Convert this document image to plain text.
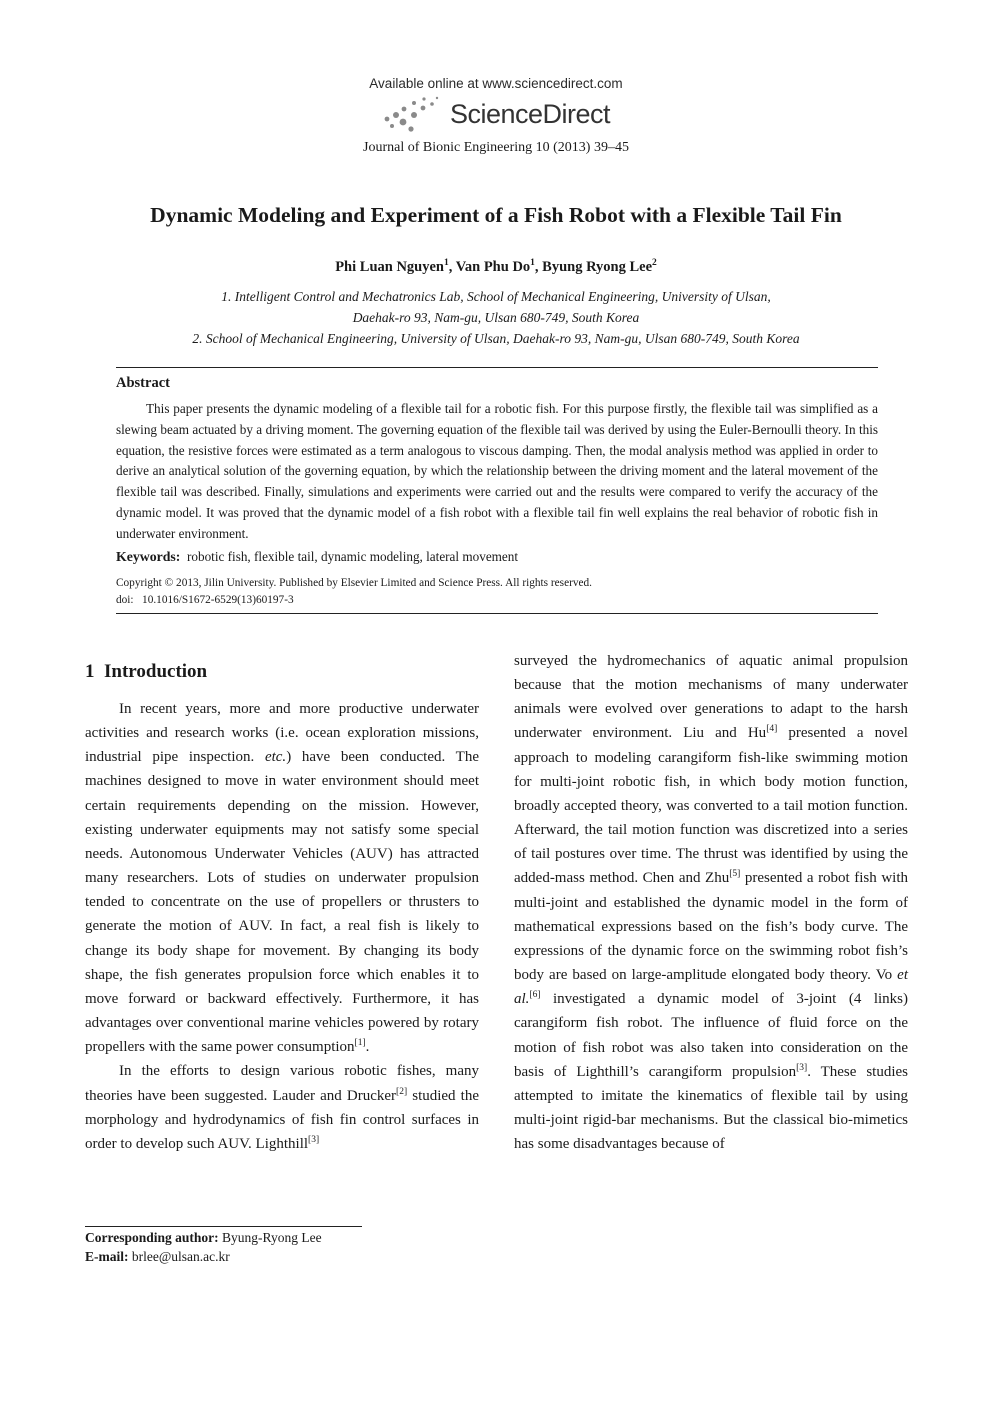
Available online at www.sciencedirect.com
ScienceDirect
Journal of Bionic Engineering 10 (2013) 39–45
Dynamic Modeling and Experiment of a Fish Robot with a Flexible Tail Fin
Phi Luan Nguyen$^1$, Van Phu Do$^1$, Byung Ryong Lee$^2$
1. Intelligent Control and Mechatronics Lab, School of Mechanical Engineering, University of Ulsan,
Daehak-ro 93, Nam-gu, Ulsan 680-749, South Korea
2. School of Mechanical Engineering, University of Ulsan, Daehak-ro 93, Nam-gu, Ulsan 680-749, South Korea
Abstract

This paper presents the dynamic modeling of a flexible tail for a robotic fish. For this purpose firstly, the flexible tail was simplified as a slewing beam actuated by a driving moment. The governing equation of the flexible tail was derived by using the Euler-Bernoulli theory. In this equation, the resistive forces were estimated as a term analogous to viscous damping. Then, the modal analysis method was applied in order to derive an analytical solution of the governing equation, by which the relationship between the driving moment and the lateral movement of the flexible tail was described. Finally, simulations and experiments were carried out and the results were compared to verify the accuracy of the dynamic model. It was proved that the dynamic model of a fish robot with a flexible tail fin well explains the real behavior of robotic fish in underwater environment.

Keywords: robotic fish, flexible tail, dynamic modeling, lateral movement
Copyright © 2013, Jilin University. Published by Elsevier Limited and Science Press. All rights reserved.
doi:   10.1016/S1672-6529(13)60197-3
1  Introduction

In recent years, more and more productive underwater activities and research works (i.e. ocean exploration missions, industrial pipe inspection. etc.) have been conducted. The machines designed to move in water environment should meet certain requirements depending on the mission. However, existing underwater equipments may not satisfy some special needs. Autonomous Underwater Vehicles (AUV) has attracted many researchers. Lots of studies on underwater propulsion tended to concentrate on the use of propellers or thrusters to generate the motion of AUV. In fact, a real fish is likely to change its body shape for movement. By changing its body shape, the fish generates propulsion force which enables it to move forward or backward effectively. Furthermore, it has advantages over conventional marine vehicles powered by rotary propellers with the same power consumption[1].

In the efforts to design various robotic fishes, many theories have been suggested. Lauder and Drucker[2] studied the morphology and hydrodynamics of fish fin control surfaces in order to develop such AUV. Lighthill[3]

surveyed the hydromechanics of aquatic animal propulsion because that the motion mechanisms of many underwater animals were evolved over generations to adapt to the harsh underwater environment. Liu and Hu[4] presented a novel approach to modeling carangiform fish-like swimming motion for multi-joint robotic fish, in which body motion function, broadly accepted theory, was converted to a tail motion function. Afterward, the tail motion function was discretized into a series of tail postures over time. The thrust was identified by using the added-mass method. Chen and Zhu[5] presented a robot fish with multi-joint and established the dynamic model in the form of mathematical expressions based on the fish’s body curve. The expressions of the dynamic force on the swimming robot fish’s body are based on large-amplitude elongated body theory. Vo et al.[6] investigated a dynamic model of 3-joint (4 links) carangiform fish robot. The influence of fluid force on the motion of fish robot was also taken into consideration on the basis of Lighthill’s carangiform propulsion[3]. These studies attempted to imitate the kinematics of flexible tail by using multi-joint rigid-bar mechanisms. But the classical bio-mimetics has some disadvantages because of

Corresponding author: Byung-Ryong Lee
E-mail: brlee@ulsan.ac.kr
